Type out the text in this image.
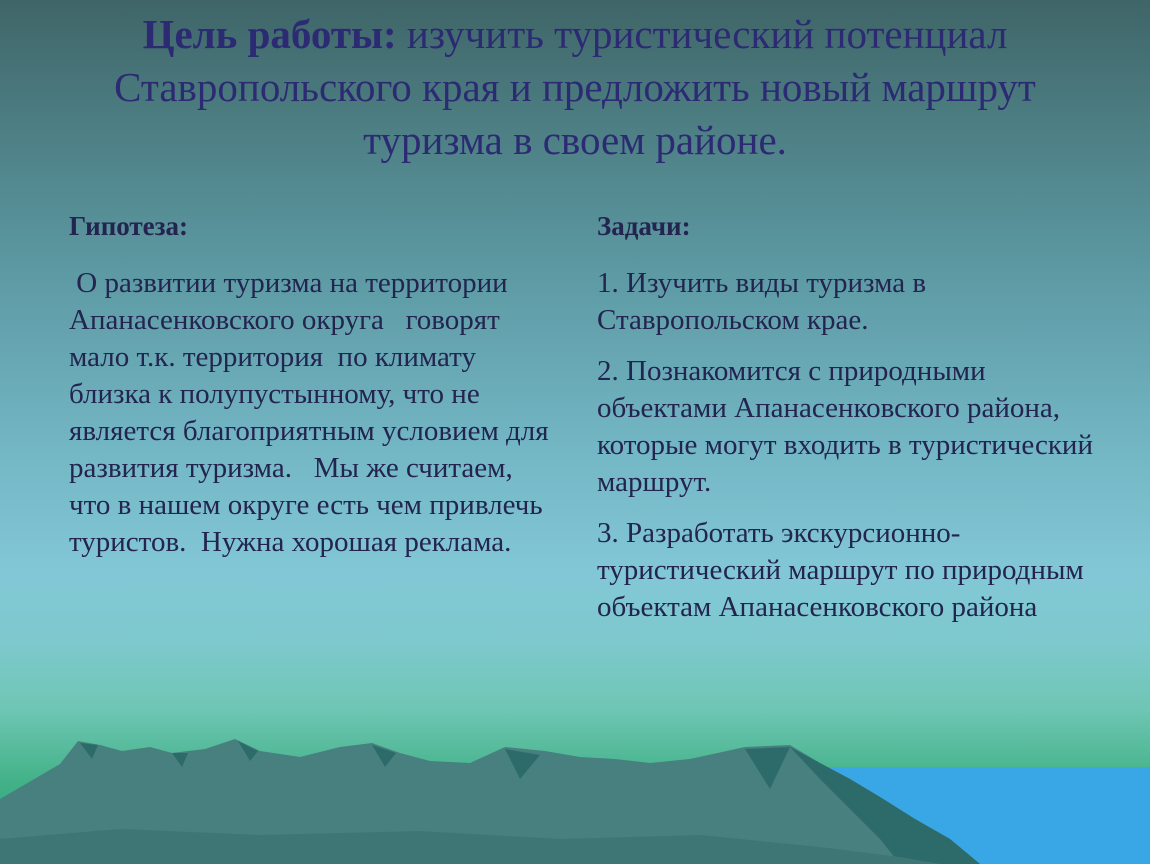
Цель работы: изучить туристический потенциал Ставропольского края и предложить новый маршрут туризма в своем районе.
Гипотеза:
О развитии туризма на территории   Апанасенковского округа   говорят мало т.к. территория  по климату близка к полупустынному, что не является благоприятным условием для развития туризма.   Мы же считаем,  что в нашем округе есть чем привлечь туристов.  Нужна хорошая реклама.
Задачи:
1. Изучить виды туризма в Ставропольском крае.
2. Познакомится с природными объектами Апанасенковского района, которые могут входить в туристический маршрут.
3. Разработать экскурсионно-туристический маршрут по природным объектам Апанасенковского района
